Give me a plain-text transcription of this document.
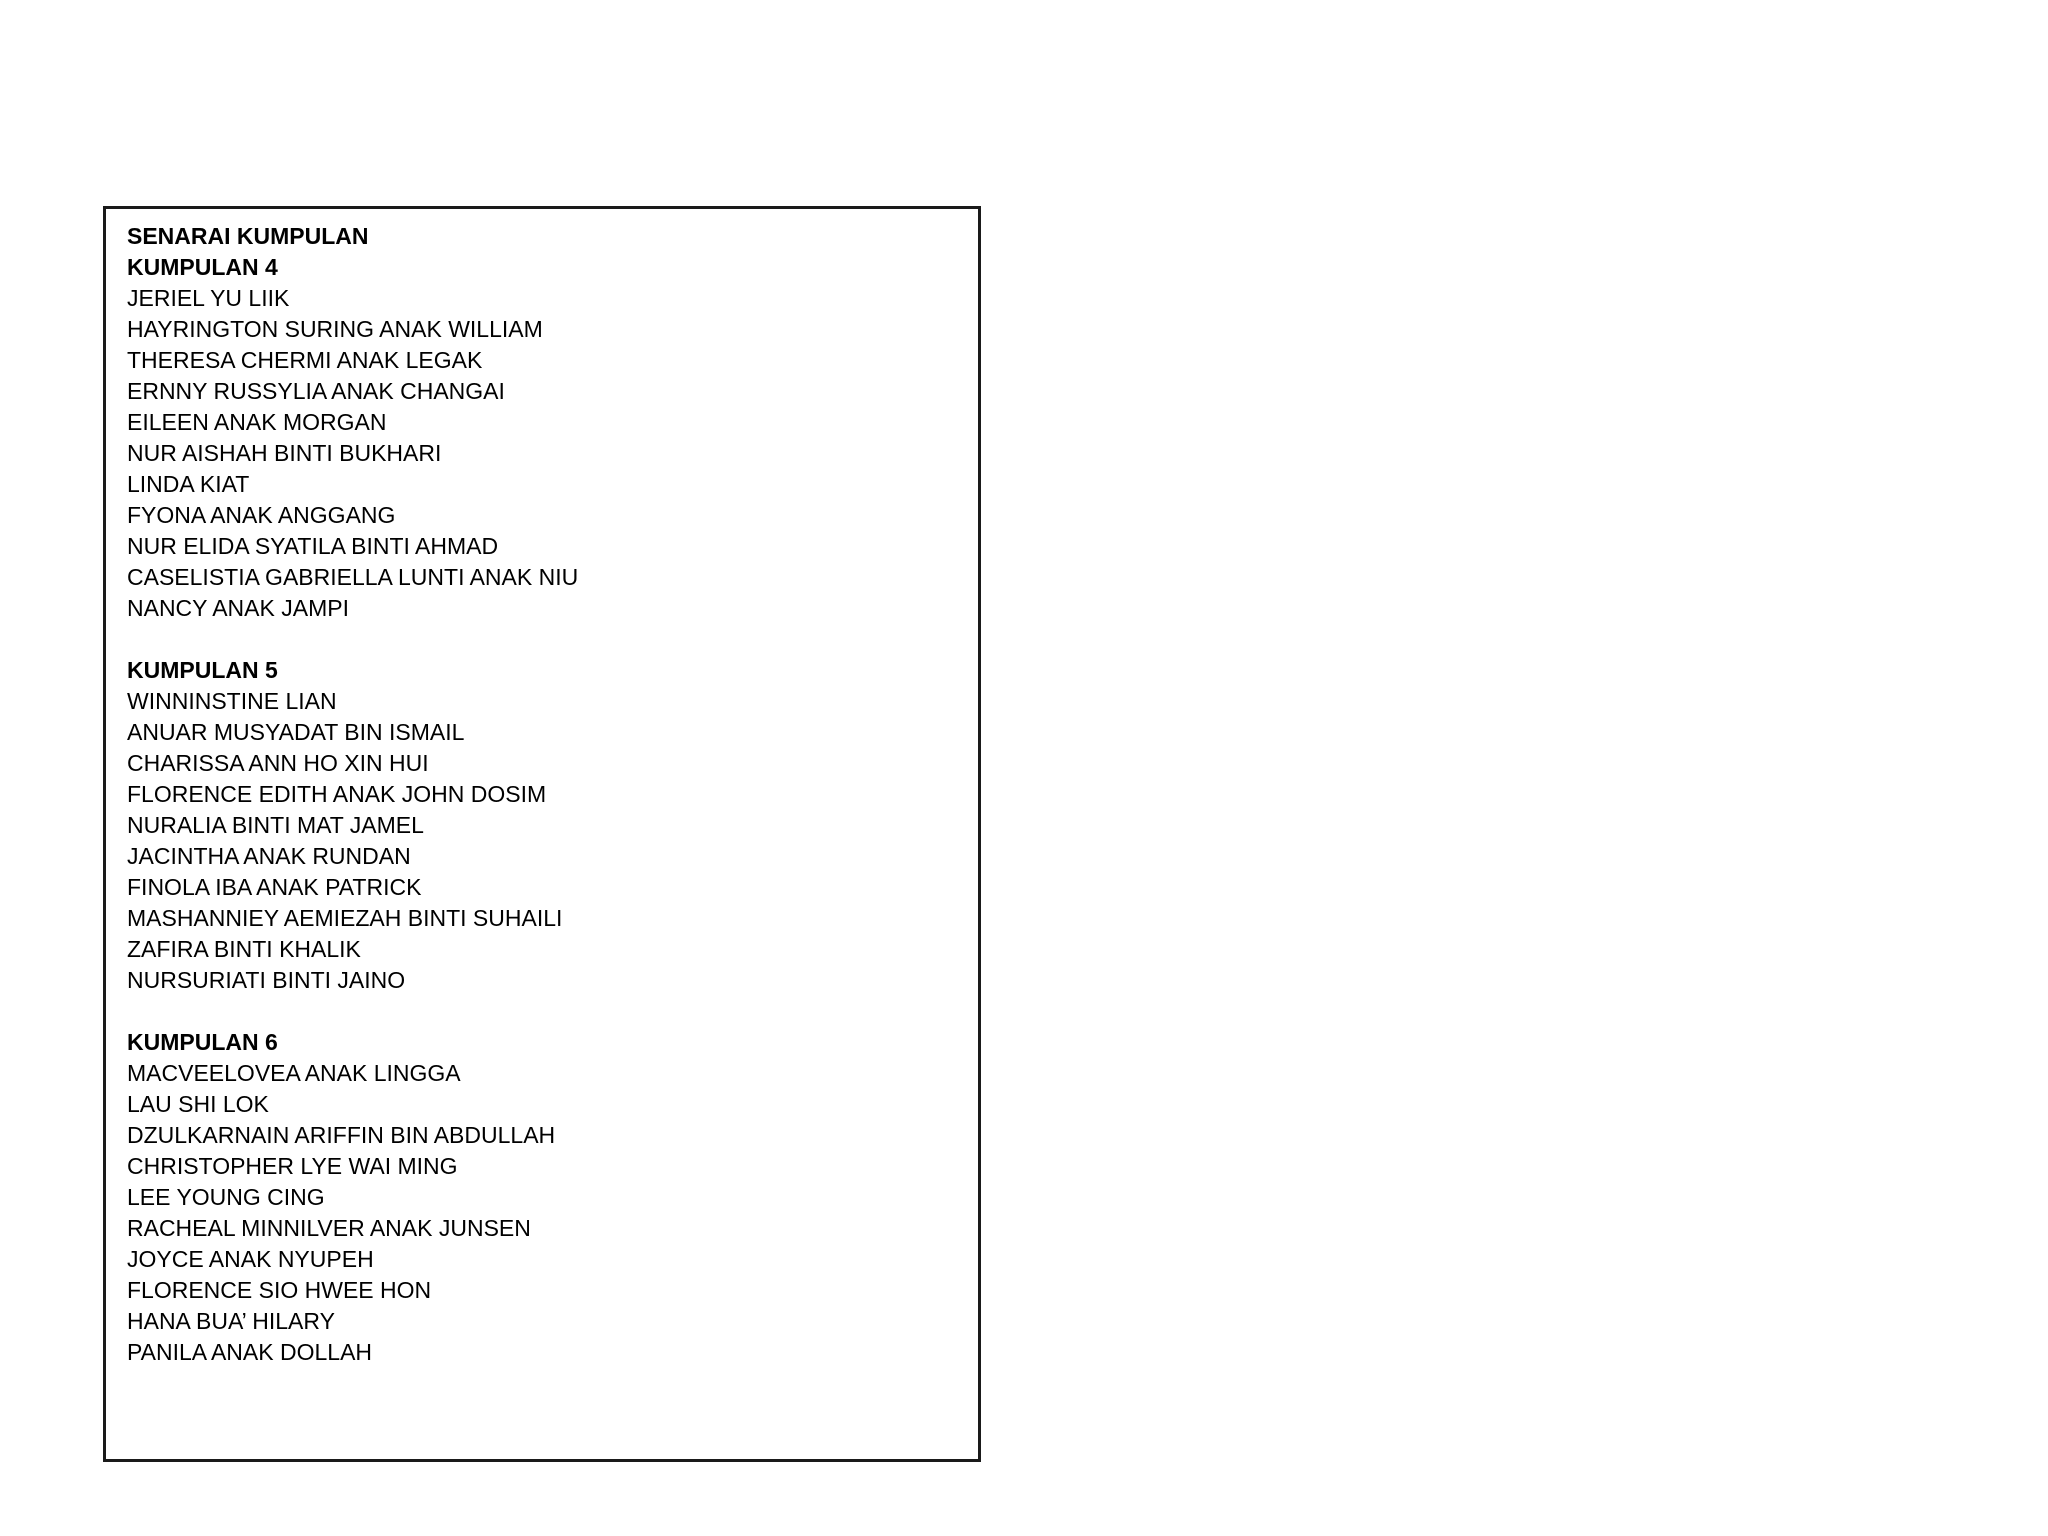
SENARAI KUMPULAN
KUMPULAN 4
JERIEL YU LIIK
HAYRINGTON SURING ANAK WILLIAM
THERESA CHERMI ANAK LEGAK
ERNNY RUSSYLIA ANAK CHANGAI
EILEEN ANAK MORGAN
NUR AISHAH BINTI BUKHARI
LINDA KIAT
FYONA ANAK ANGGANG
NUR ELIDA SYATILA BINTI AHMAD
CASELISTIA GABRIELLA LUNTI ANAK NIU
NANCY ANAK JAMPI
KUMPULAN 5
WINNINSTINE LIAN
ANUAR MUSYADAT BIN ISMAIL
CHARISSA ANN HO XIN HUI
FLORENCE EDITH ANAK JOHN DOSIM
NURALIA BINTI MAT JAMEL
JACINTHA ANAK RUNDAN
FINOLA IBA ANAK PATRICK
MASHANNIEY AEMIEZAH BINTI SUHAILI
ZAFIRA BINTI KHALIK
NURSURIATI BINTI JAINO
KUMPULAN 6
MACVEELOVEA ANAK LINGGA
LAU SHI LOK
DZULKARNAIN ARIFFIN BIN ABDULLAH
CHRISTOPHER LYE WAI MING
LEE YOUNG CING
RACHEAL MINNILVER ANAK JUNSEN
JOYCE ANAK NYUPEH
FLORENCE SIO HWEE HON
HANA BUA’ HILARY
PANILA ANAK DOLLAH
